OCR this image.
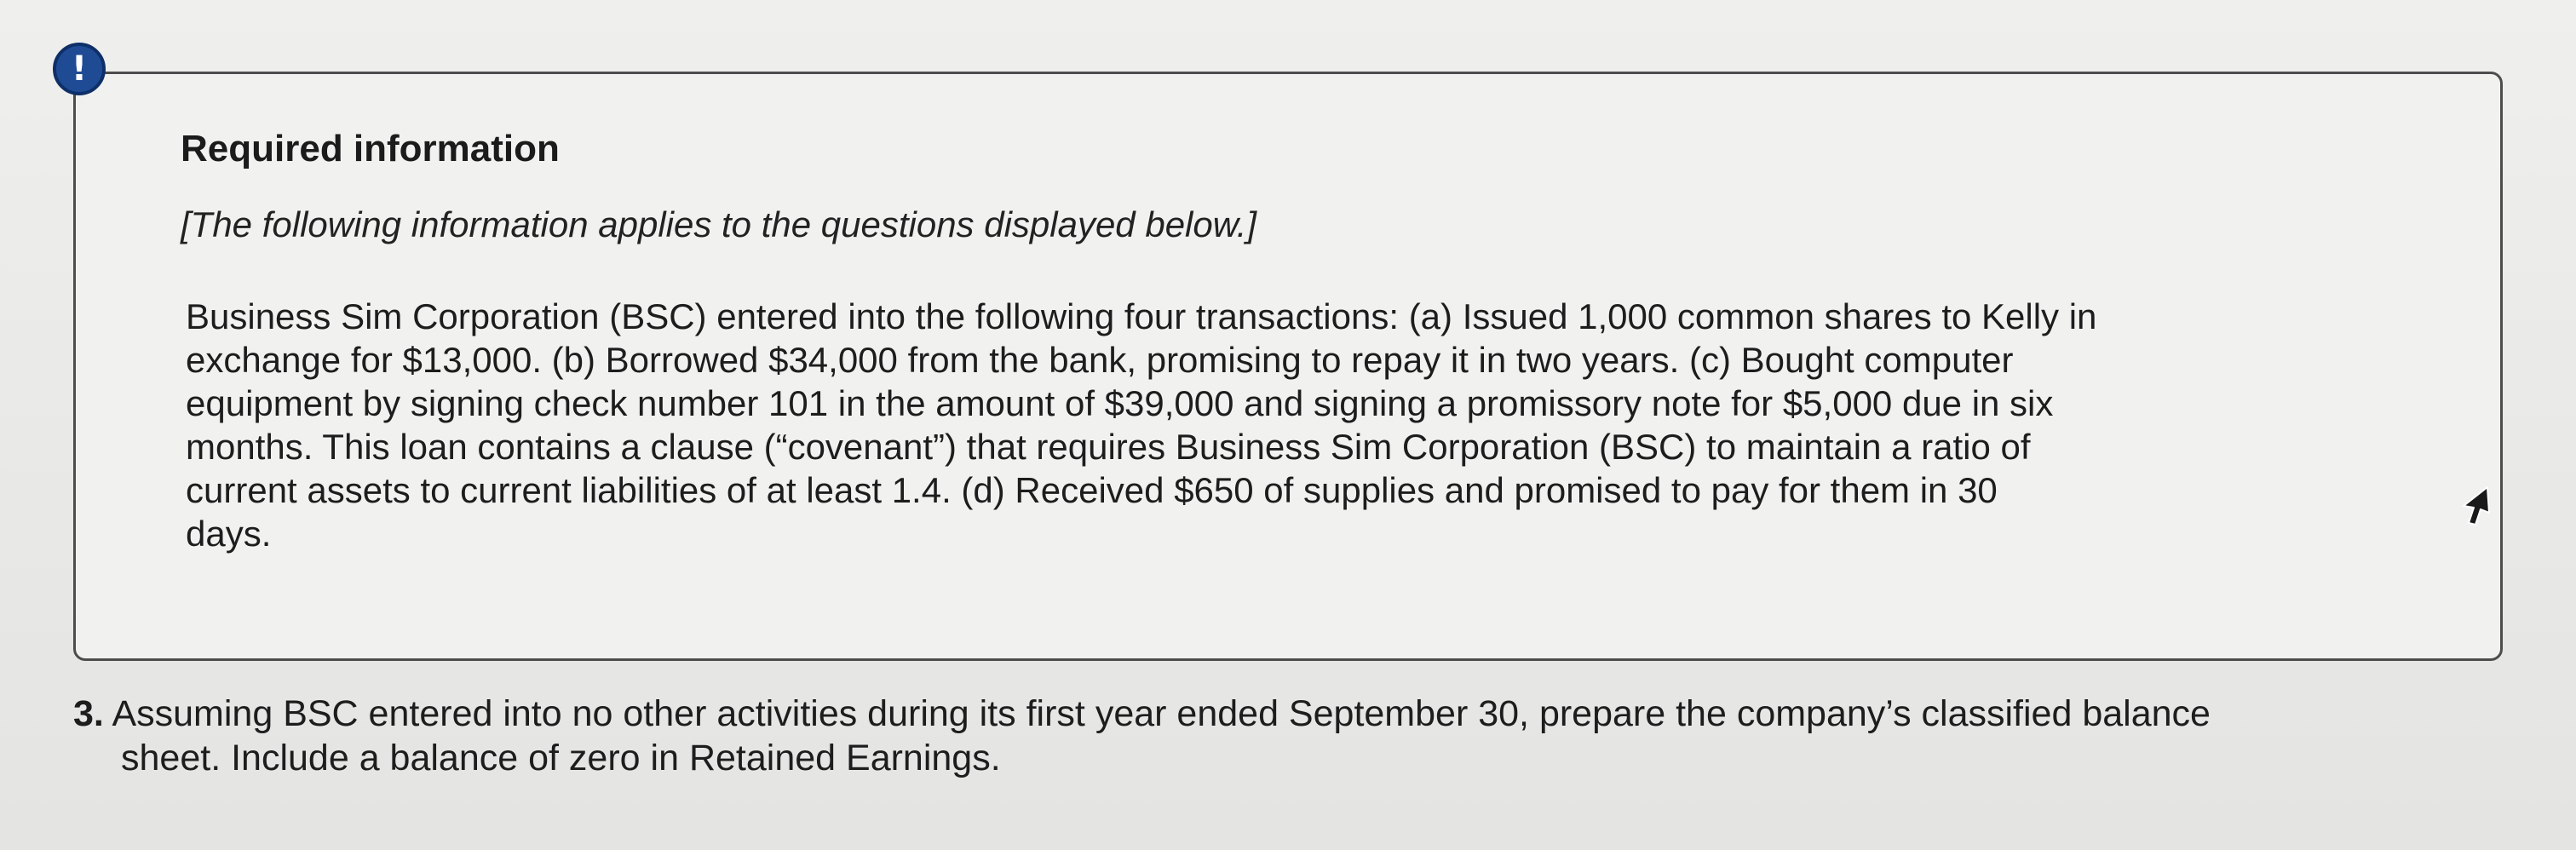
!
Required information
[The following information applies to the questions displayed below.]
Business Sim Corporation (BSC) entered into the following four transactions: (a) Issued 1,000 common shares to Kelly in
exchange for $13,000. (b) Borrowed $34,000 from the bank, promising to repay it in two years. (c) Bought computer
equipment by signing check number 101 in the amount of $39,000 and signing a promissory note for $5,000 due in six
months. This loan contains a clause (“covenant”) that requires Business Sim Corporation (BSC) to maintain a ratio of
current assets to current liabilities of at least 1.4. (d) Received $650 of supplies and promised to pay for them in 30
days.
3. Assuming BSC entered into no other activities during its first year ended September 30, prepare the company’s classified balance
sheet. Include a balance of zero in Retained Earnings.
